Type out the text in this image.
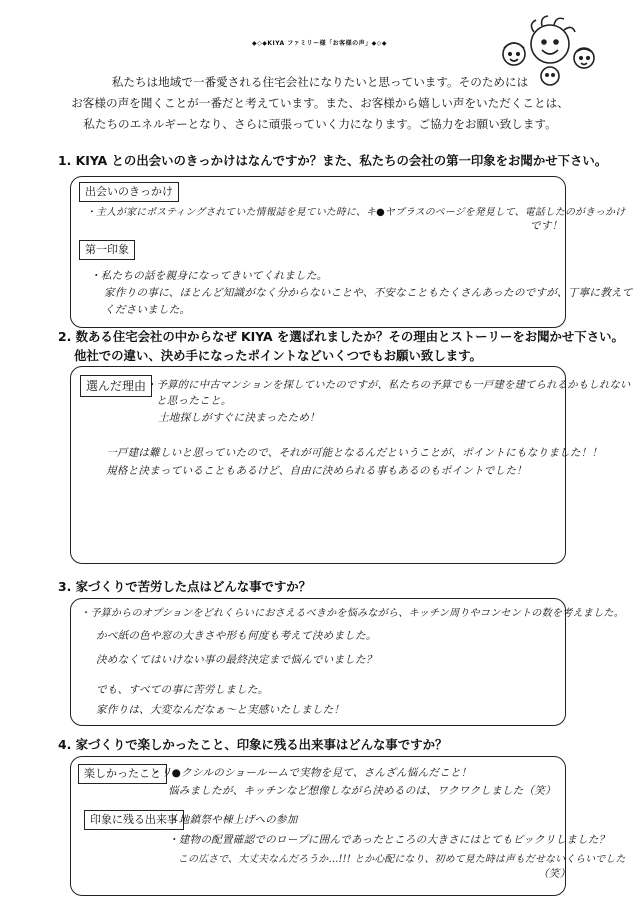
◆◇◆KIYA ファミリー様「お客様の声」◆◇◆
私たちは地域で一番愛される住宅会社になりたいと思っています。そのためには
お客様の声を聞くことが一番だと考えています。また、お客様から嬉しい声をいただくことは、
私たちのエネルギーとなり、さらに頑張っていく力になります。ご協力をお願い致します。
1. KIYA との出会いのきっかけはなんですか？また、私たちの会社の第一印象をお聞かせ下さい。
出会いのきっかけ
・主人が家にポスティングされていた情報誌を見ていた時に、キ●ヤプラスのページを発見して、電話したのがきっかけ
です！
第一印象
・私たちの話を親身になってきいてくれました。
家作りの事に、ほとんど知識がなく分からないことや、不安なこともたくさんあったのですが、丁寧に教えて
くださいました。
2. 数ある住宅会社の中からなぜ KIYA を選ばれましたか？その理由とストーリーをお聞かせ下さい。
他社での違い、決め手になったポイントなどいくつでもお願い致します。
選んだ理由 ・予算的に中古マンションを探していたのですが、私たちの予算でも一戸建を建てられるかもしれない
と思ったこと。
土地探しがすぐに決まったため！
一戸建は難しいと思っていたので、それが可能となるんだということが、ポイントにもなりました！！
規格と決まっていることもあるけど、自由に決められる事もあるのもポイントでした！
3. 家づくりで苦労した点はどんな事ですか？
・予算からのオプションをどれくらいにおさえるべきかを悩みながら、キッチン周りやコンセントの数を考えました。
かべ紙の色や窓の大きさや形も何度も考えて決めました。
決めなくてはいけない事の最終決定まで悩んでいました？
でも、すべての事に苦労しました。
家作りは、大変なんだなぁ～と実感いたしました！
4. 家づくりで楽しかったこと、印象に残る出来事はどんな事ですか？
楽しかったこと
・リ●クシルのショールームで実物を見て、さんざん悩んだこと！
悩みましたが、キッチンなど想像しながら決めるのは、ワクワクしました（笑）
印象に残る出来事
・地鎮祭や棟上げへの参加
・建物の配置確認でのロープに囲んであったところの大きさにはとてもビックリしました？
この広さで、大丈夫なんだろうか…!!! とか心配になり、初めて見た時は声もだせないくらいでした
（笑）
